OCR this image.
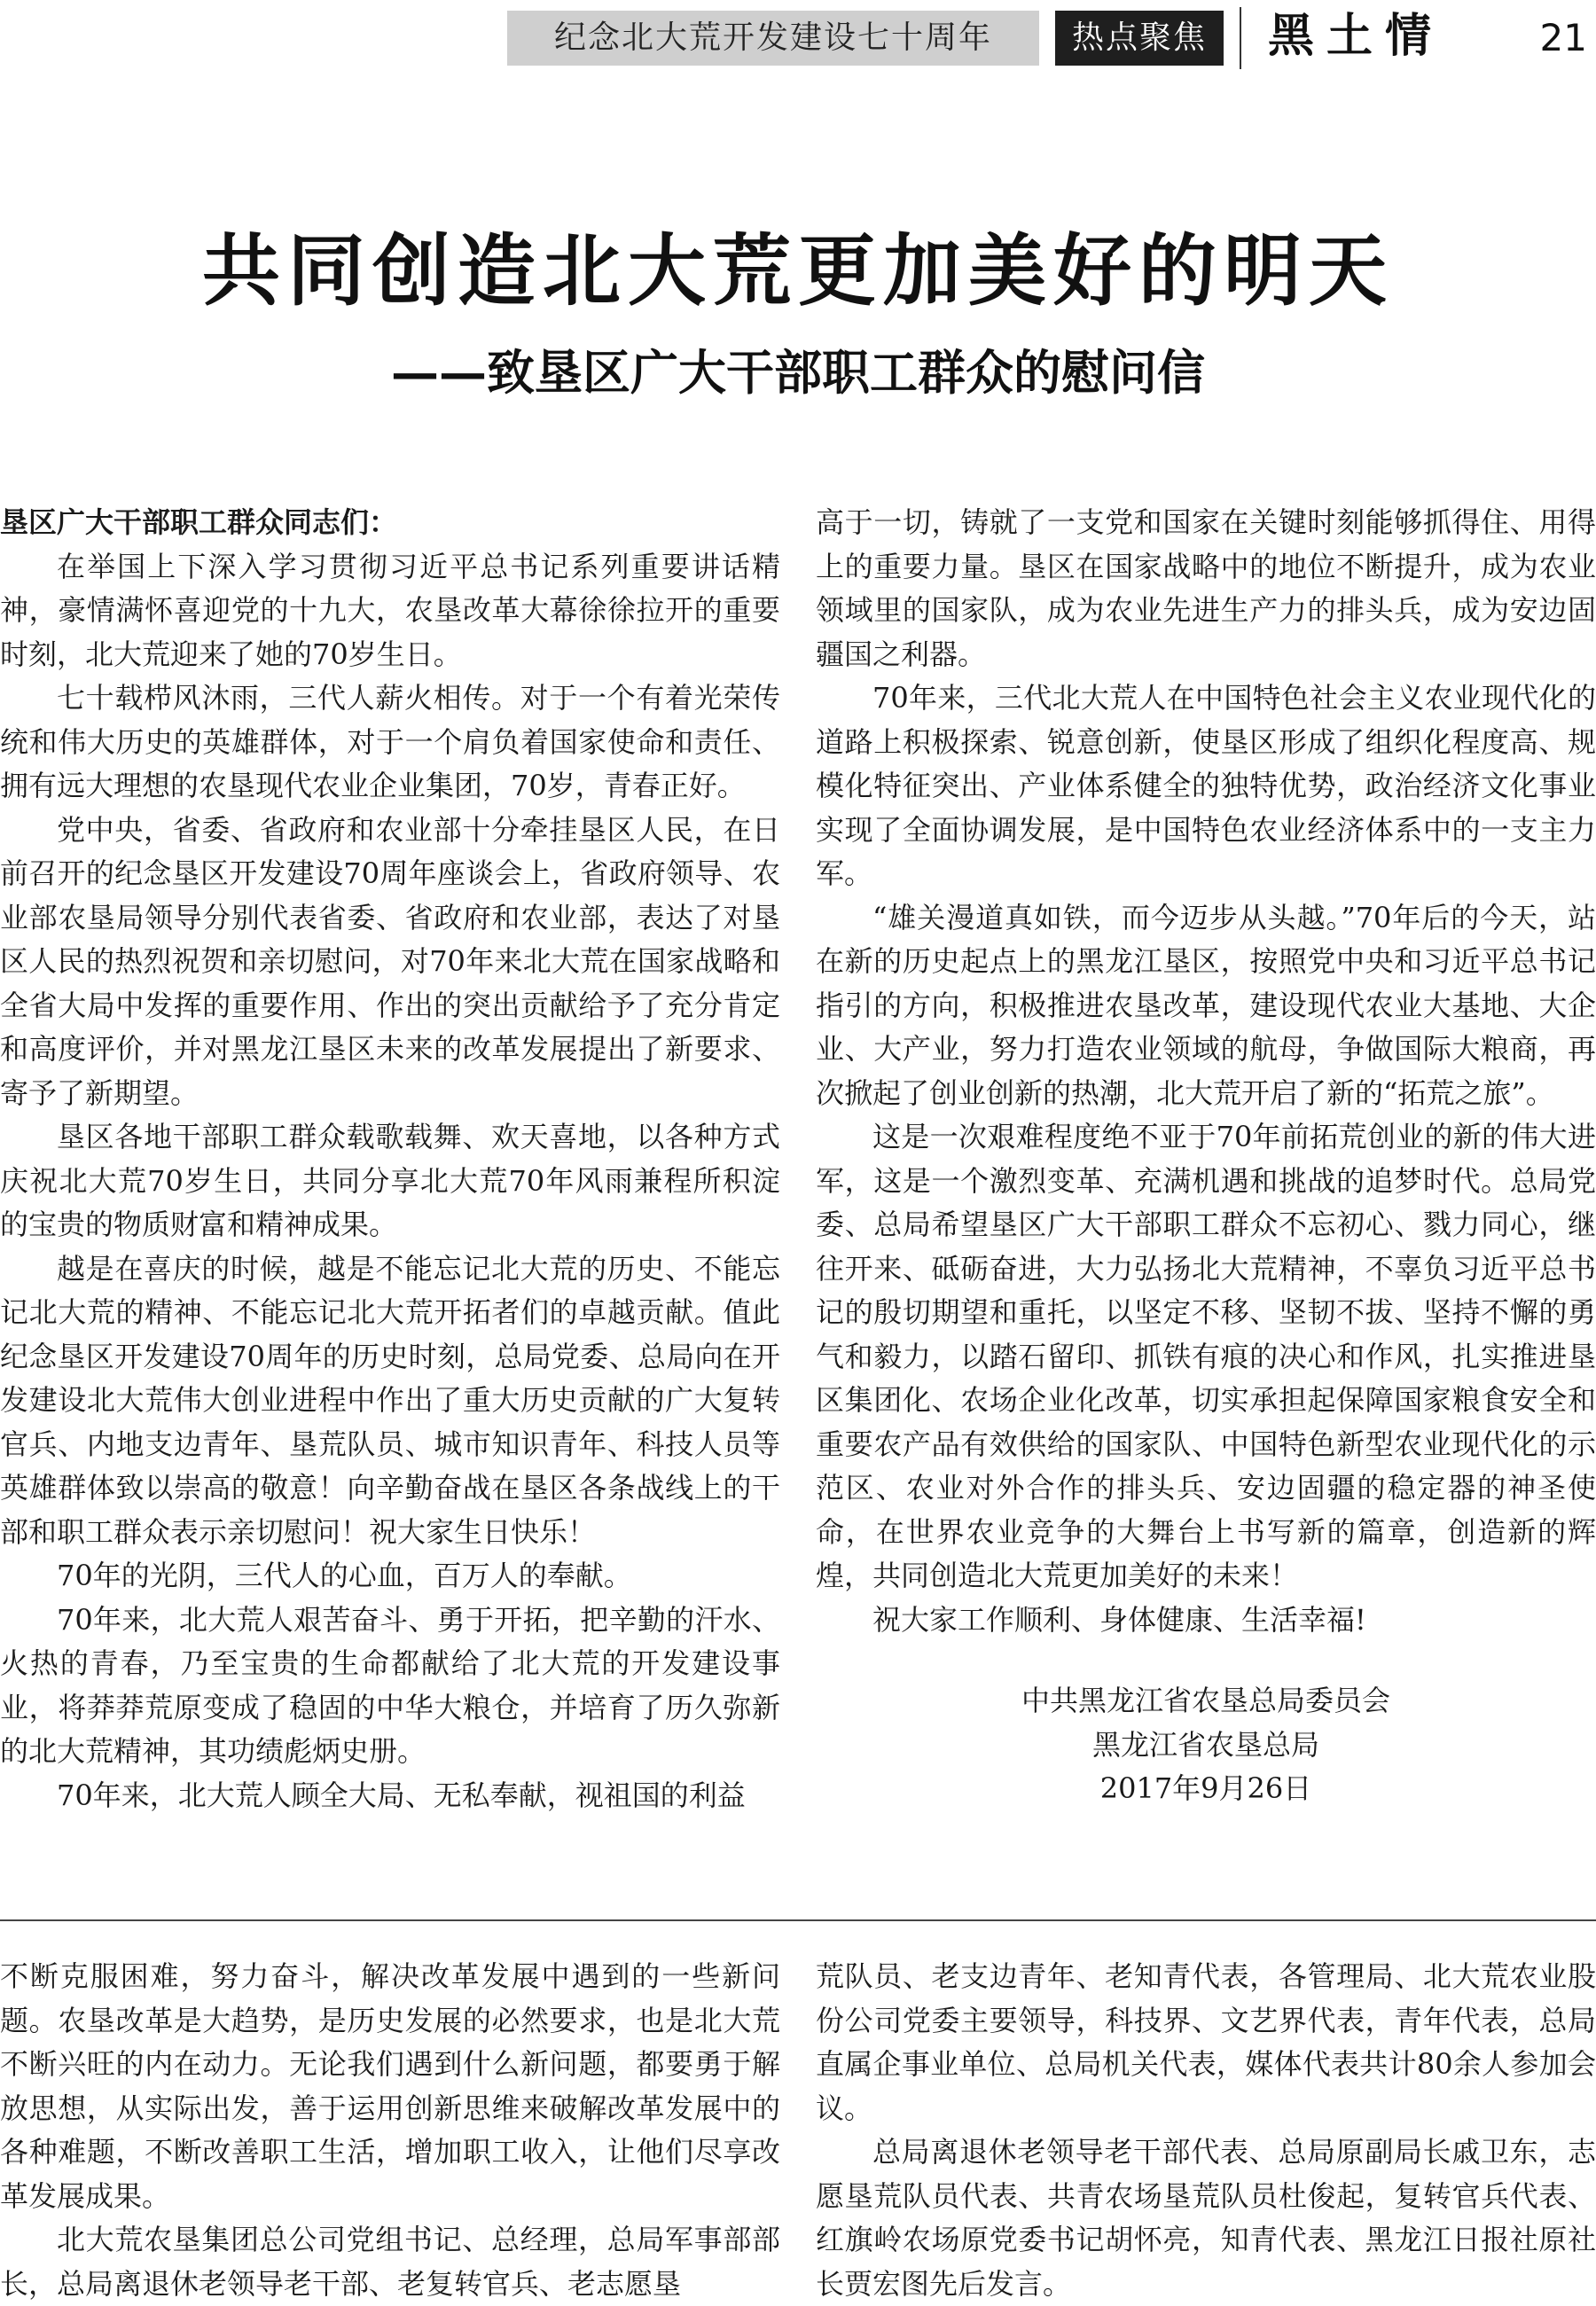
纪念北大荒开发建设七十周年	热点聚焦	黑土情	21
共同创造北大荒更加美好的明天
——致垦区广大干部职工群众的慰问信

垦区广大干部职工群众同志们：

在举国上下深入学习贯彻习近平总书记系列重要讲话精神，豪情满怀喜迎党的十九大，农垦改革大幕徐徐拉开的重要时刻，北大荒迎来了她的70岁生日。

七十载栉风沐雨，三代人薪火相传。对于一个有着光荣传统和伟大历史的英雄群体，对于一个肩负着国家使命和责任、拥有远大理想的农垦现代农业企业集团，70岁，青春正好。

党中央，省委、省政府和农业部十分牵挂垦区人民，在日前召开的纪念垦区开发建设70周年座谈会上，省政府领导、农业部农垦局领导分别代表省委、省政府和农业部，表达了对垦区人民的热烈祝贺和亲切慰问，对70年来北大荒在国家战略和全省大局中发挥的重要作用、作出的突出贡献给予了充分肯定和高度评价，并对黑龙江垦区未来的改革发展提出了新要求、寄予了新期望。

垦区各地干部职工群众载歌载舞、欢天喜地，以各种方式庆祝北大荒70岁生日，共同分享北大荒70年风雨兼程所积淀的宝贵的物质财富和精神成果。

越是在喜庆的时候，越是不能忘记北大荒的历史、不能忘记北大荒的精神、不能忘记北大荒开拓者们的卓越贡献。值此纪念垦区开发建设70周年的历史时刻，总局党委、总局向在开发建设北大荒伟大创业进程中作出了重大历史贡献的广大复转官兵、内地支边青年、垦荒队员、城市知识青年、科技人员等英雄群体致以崇高的敬意！向辛勤奋战在垦区各条战线上的干部和职工群众表示亲切慰问！祝大家生日快乐！

70年的光阴，三代人的心血，百万人的奉献。

70年来，北大荒人艰苦奋斗、勇于开拓，把辛勤的汗水、火热的青春，乃至宝贵的生命都献给了北大荒的开发建设事业，将莽莽荒原变成了稳固的中华大粮仓，并培育了历久弥新的北大荒精神，其功绩彪炳史册。

70年来，北大荒人顾全大局、无私奉献，视祖国的利益

高于一切，铸就了一支党和国家在关键时刻能够抓得住、用得上的重要力量。垦区在国家战略中的地位不断提升，成为农业领域里的国家队，成为农业先进生产力的排头兵，成为安边固疆国之利器。

70年来，三代北大荒人在中国特色社会主义农业现代化的道路上积极探索、锐意创新，使垦区形成了组织化程度高、规模化特征突出、产业体系健全的独特优势，政治经济文化事业实现了全面协调发展，是中国特色农业经济体系中的一支主力军。

“雄关漫道真如铁，而今迈步从头越。”70年后的今天，站在新的历史起点上的黑龙江垦区，按照党中央和习近平总书记指引的方向，积极推进农垦改革，建设现代农业大基地、大企业、大产业，努力打造农业领域的航母，争做国际大粮商，再次掀起了创业创新的热潮，北大荒开启了新的“拓荒之旅”。

这是一次艰难程度绝不亚于70年前拓荒创业的新的伟大进军，这是一个激烈变革、充满机遇和挑战的追梦时代。总局党委、总局希望垦区广大干部职工群众不忘初心、戮力同心，继往开来、砥砺奋进，大力弘扬北大荒精神，不辜负习近平总书记的殷切期望和重托，以坚定不移、坚韧不拔、坚持不懈的勇气和毅力，以踏石留印、抓铁有痕的决心和作风，扎实推进垦区集团化、农场企业化改革，切实承担起保障国家粮食安全和重要农产品有效供给的国家队、中国特色新型农业现代化的示范区、农业对外合作的排头兵、安边固疆的稳定器的神圣使命，在世界农业竞争的大舞台上书写新的篇章，创造新的辉煌，共同创造北大荒更加美好的未来！

祝大家工作顺利、身体健康、生活幸福!

中共黑龙江省农垦总局委员会

黑龙江省农垦总局

2017年9月26日

不断克服困难，努力奋斗，解决改革发展中遇到的一些新问题。农垦改革是大趋势，是历史发展的必然要求，也是北大荒不断兴旺的内在动力。无论我们遇到什么新问题，都要勇于解放思想，从实际出发，善于运用创新思维来破解改革发展中的各种难题，不断改善职工生活，增加职工收入，让他们尽享改革发展成果。

北大荒农垦集团总公司党组书记、总经理，总局军事部部长，总局离退休老领导老干部、老复转官兵、老志愿垦

荒队员、老支边青年、老知青代表，各管理局、北大荒农业股份公司党委主要领导，科技界、文艺界代表，青年代表，总局直属企事业单位、总局机关代表，媒体代表共计80余人参加会议。

总局离退休老领导老干部代表、总局原副局长戚卫东，志愿垦荒队员代表、共青农场垦荒队员杜俊起，复转官兵代表、红旗岭农场原党委书记胡怀亮，知青代表、黑龙江日报社原社长贾宏图先后发言。
